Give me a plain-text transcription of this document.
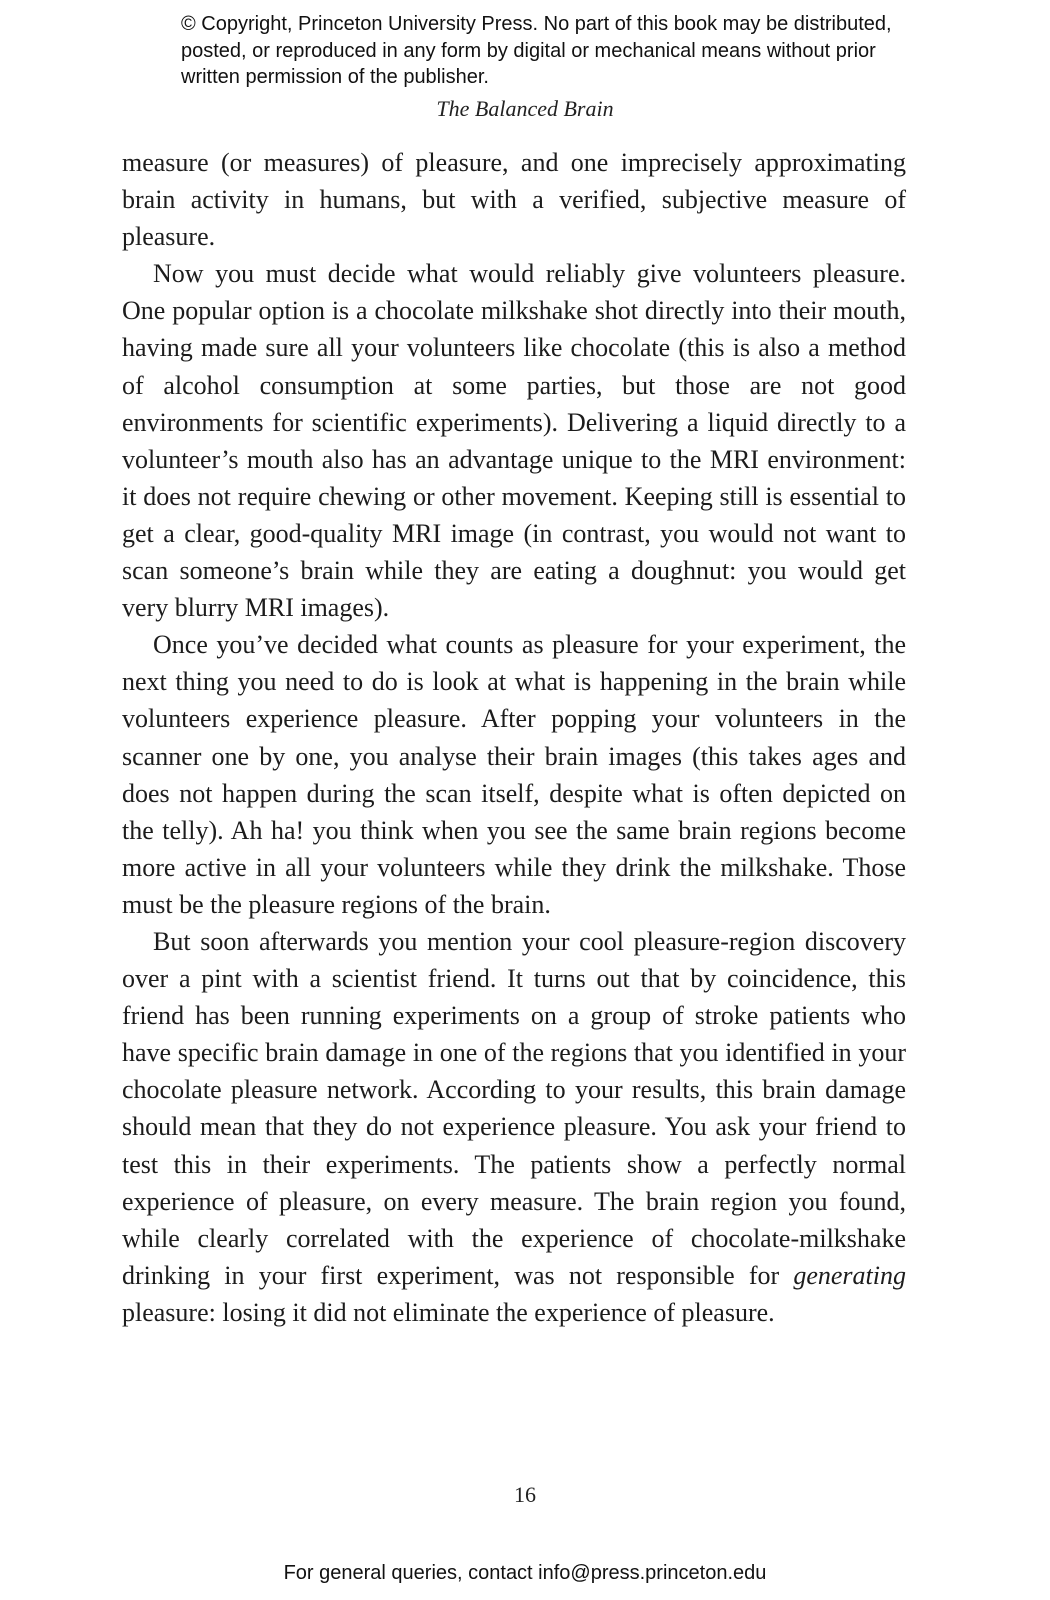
© Copyright, Princeton University Press. No part of this book may be distributed, posted, or reproduced in any form by digital or mechanical means without prior written permission of the publisher.
The Balanced Brain

measure (or measures) of pleasure, and one imprecisely approximating brain activity in humans, but with a verified, subjective measure of pleasure.

Now you must decide what would reliably give volunteers pleasure. One popular option is a chocolate milkshake shot directly into their mouth, having made sure all your volunteers like chocolate (this is also a method of alcohol consumption at some parties, but those are not good environments for scientific experiments). Delivering a liquid directly to a volunteer’s mouth also has an advantage unique to the MRI environment: it does not require chewing or other movement. Keeping still is essential to get a clear, good-quality MRI image (in contrast, you would not want to scan someone’s brain while they are eating a doughnut: you would get very blurry MRI images).

Once you’ve decided what counts as pleasure for your experiment, the next thing you need to do is look at what is happening in the brain while volunteers experience pleasure. After popping your volunteers in the scanner one by one, you analyse their brain images (this takes ages and does not happen during the scan itself, despite what is often depicted on the telly). Ah ha! you think when you see the same brain regions become more active in all your volunteers while they drink the milkshake. Those must be the pleasure regions of the brain.

But soon afterwards you mention your cool pleasure-region discovery over a pint with a scientist friend. It turns out that by coincidence, this friend has been running experiments on a group of stroke patients who have specific brain damage in one of the regions that you identified in your chocolate pleasure network. According to your results, this brain damage should mean that they do not experience pleasure. You ask your friend to test this in their experiments. The patients show a perfectly normal experience of pleasure, on every measure. The brain region you found, while clearly correlated with the experience of chocolate-milkshake drinking in your first experiment, was not responsible for generating pleasure: losing it did not eliminate the experience of pleasure.

16
For general queries, contact info@press.princeton.edu
